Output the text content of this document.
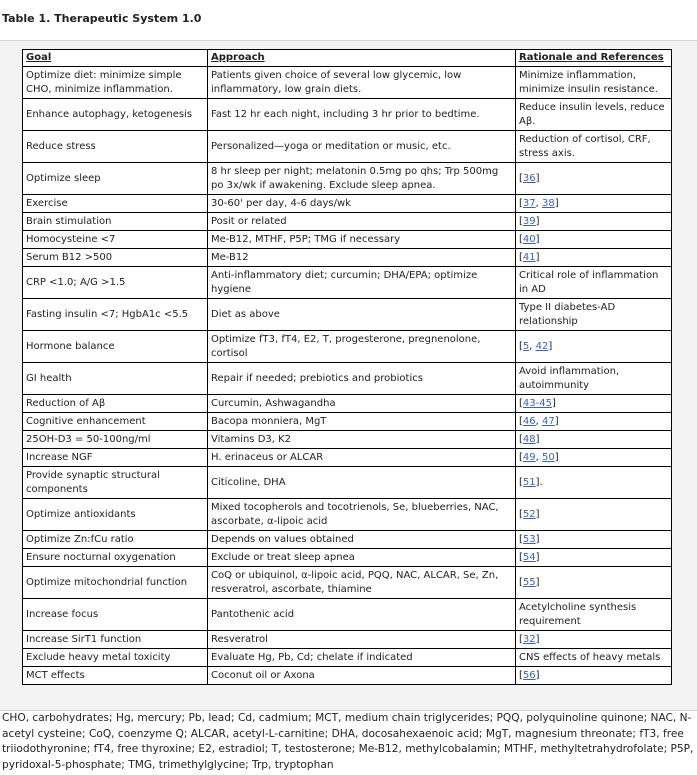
Table 1. Therapeutic System 1.0
Goal	Approach	Rationale and References
Optimize diet: minimize simple CHO, minimize inflammation.	Patients given choice of several low glycemic, low inflammatory, low grain diets.	Minimize inflammation, minimize insulin resistance.
Enhance autophagy, ketogenesis	Fast 12 hr each night, including 3 hr prior to bedtime.	Reduce insulin levels, reduce Aβ.
Reduce stress	Personalized—yoga or meditation or music, etc.	Reduction of cortisol, CRF, stress axis.
Optimize sleep	8 hr sleep per night; melatonin 0.5mg po qhs; Trp 500mg po 3x/wk if awakening. Exclude sleep apnea.	[36]
Exercise	30-60' per day, 4-6 days/wk	[37, 38]
Brain stimulation	Posit or related	[39]
Homocysteine <7	Me-B12, MTHF, P5P; TMG if necessary	[40]
Serum B12 >500	Me-B12	[41]
CRP <1.0; A/G >1.5	Anti-inflammatory diet; curcumin; DHA/EPA; optimize hygiene	Critical role of inflammation in AD
Fasting insulin <7; HgbA1c <5.5	Diet as above	Type II diabetes-AD relationship
Hormone balance	Optimize fT3, fT4, E2, T, progesterone, pregnenolone, cortisol	[5, 42]
GI health	Repair if needed; prebiotics and probiotics	Avoid inflammation, autoimmunity
Reduction of Aβ	Curcumin, Ashwagandha	[43-45]
Cognitive enhancement	Bacopa monniera, MgT	[46, 47]
25OH-D3 = 50-100ng/ml	Vitamins D3, K2	[48]
Increase NGF	H. erinaceus or ALCAR	[49, 50]
Provide synaptic structural components	Citicoline, DHA	[51].
Optimize antioxidants	Mixed tocopherols and tocotrienols, Se, blueberries, NAC, ascorbate, α-lipoic acid	[52]
Optimize Zn:fCu ratio	Depends on values obtained	[53]
Ensure nocturnal oxygenation	Exclude or treat sleep apnea	[54]
Optimize mitochondrial function	CoQ or ubiquinol, α-lipoic acid, PQQ, NAC, ALCAR, Se, Zn, resveratrol, ascorbate, thiamine	[55]
Increase focus	Pantothenic acid	Acetylcholine synthesis requirement
Increase SirT1 function	Resveratrol	[32]
Exclude heavy metal toxicity	Evaluate Hg, Pb, Cd; chelate if indicated	CNS effects of heavy metals
MCT effects	Coconut oil or Axona	[56]
CHO, carbohydrates; Hg, mercury; Pb, lead; Cd, cadmium; MCT, medium chain triglycerides; PQQ, polyquinoline quinone; NAC, N-acetyl cysteine; CoQ, coenzyme Q; ALCAR, acetyl-L-carnitine; DHA, docosahexaenoic acid; MgT, magnesium threonate; fT3, free triiodothyronine; fT4, free thyroxine; E2, estradiol; T, testosterone; Me-B12, methylcobalamin; MTHF, methyltetrahydrofolate; P5P, pyridoxal-5-phosphate; TMG, trimethylglycine; Trp, tryptophan
